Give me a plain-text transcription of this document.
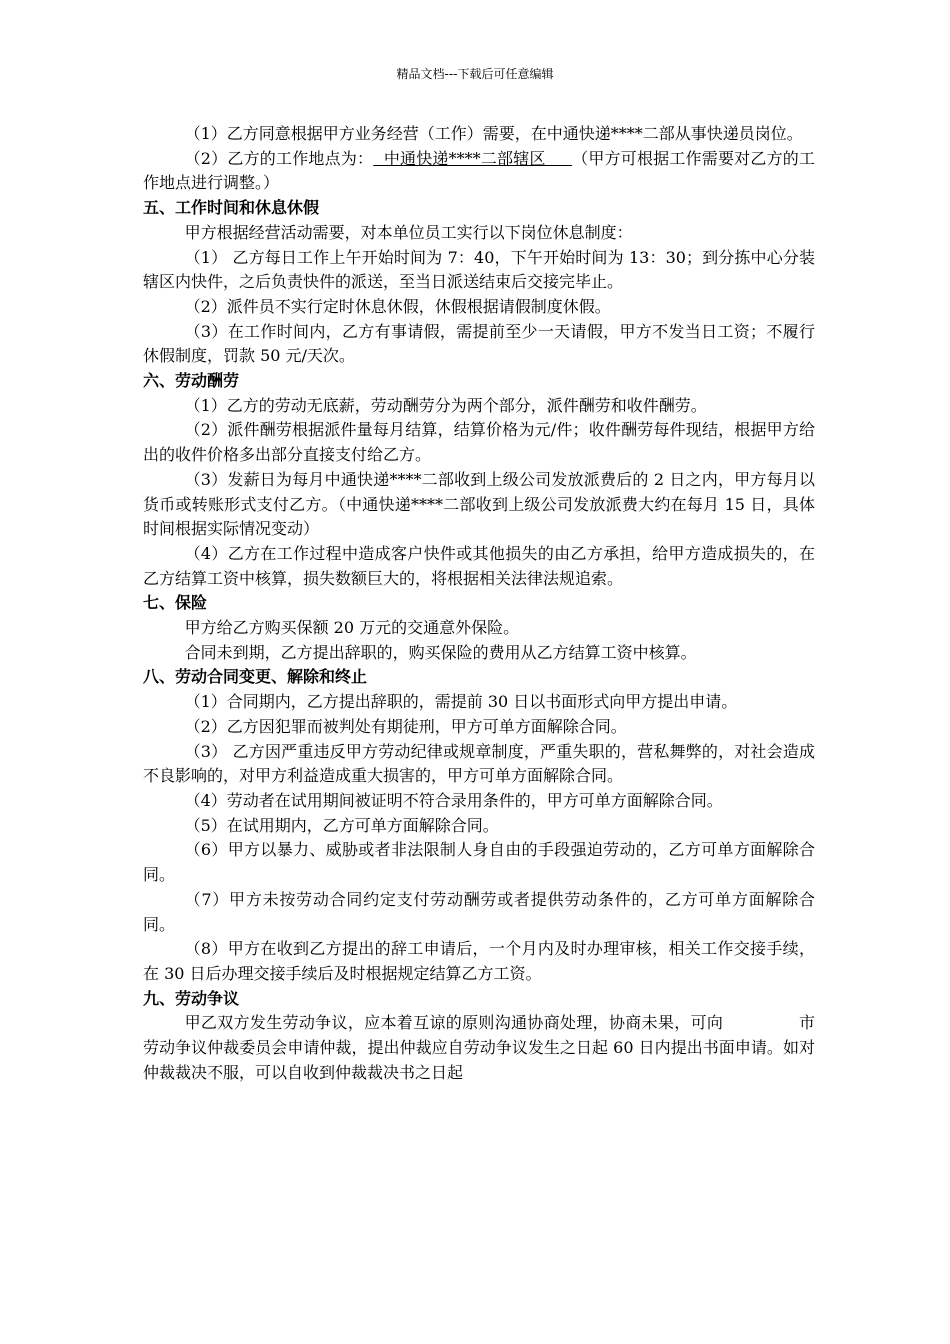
精品文档---下载后可任意编辑

（1）乙方同意根据甲方业务经营（工作）需要，在中通快递****二部从事快递员岗位。

（2）乙方的工作地点为：  中通快递****二部辖区     （甲方可根据工作需要对乙方的工作地点进行调整。）

五、工作时间和休息休假

甲方根据经营活动需要，对本单位员工实行以下岗位休息制度：

（1） 乙方每日工作上午开始时间为 7：40，下午开始时间为 13：30；到分拣中心分装辖区内快件，之后负责快件的派送，至当日派送结束后交接完毕止。

（2）派件员不实行定时休息休假，休假根据请假制度休假。

（3）在工作时间内，乙方有事请假，需提前至少一天请假，甲方不发当日工资；不履行休假制度，罚款 50 元/天次。

六、劳动酬劳

（1）乙方的劳动无底薪，劳动酬劳分为两个部分，派件酬劳和收件酬劳。

（2）派件酬劳根据派件量每月结算，结算价格为元/件；收件酬劳每件现结，根据甲方给出的收件价格多出部分直接支付给乙方。

（3）发薪日为每月中通快递****二部收到上级公司发放派费后的 2 日之内，甲方每月以货币或转账形式支付乙方。（中通快递****二部收到上级公司发放派费大约在每月 15 日，具体时间根据实际情况变动）

（4）乙方在工作过程中造成客户快件或其他损失的由乙方承担，给甲方造成损失的，在乙方结算工资中核算，损失数额巨大的，将根据相关法律法规追索。

七、保险

甲方给乙方购买保额 20 万元的交通意外保险。

合同未到期，乙方提出辞职的，购买保险的费用从乙方结算工资中核算。

八、劳动合同变更、解除和终止

（1）合同期内，乙方提出辞职的，需提前 30 日以书面形式向甲方提出申请。

（2）乙方因犯罪而被判处有期徒刑，甲方可单方面解除合同。

（3） 乙方因严重违反甲方劳动纪律或规章制度，严重失职的，营私舞弊的，对社会造成不良影响的，对甲方利益造成重大损害的，甲方可单方面解除合同。

（4）劳动者在试用期间被证明不符合录用条件的，甲方可单方面解除合同。

（5）在试用期内，乙方可单方面解除合同。

（6）甲方以暴力、威胁或者非法限制人身自由的手段强迫劳动的，乙方可单方面解除合同。

（7）甲方未按劳动合同约定支付劳动酬劳或者提供劳动条件的，乙方可单方面解除合同。

（8）甲方在收到乙方提出的辞工申请后，一个月内及时办理审核，相关工作交接手续，在 30 日后办理交接手续后及时根据规定结算乙方工资。

九、劳动争议

甲乙双方发生劳动争议，应本着互谅的原则沟通协商处理，协商未果，可向	市劳动争议仲裁委员会申请仲裁，提出仲裁应自劳动争议发生之日起 60 日内提出书面申请。如对仲裁裁决不服，可以自收到仲裁裁决书之日起
